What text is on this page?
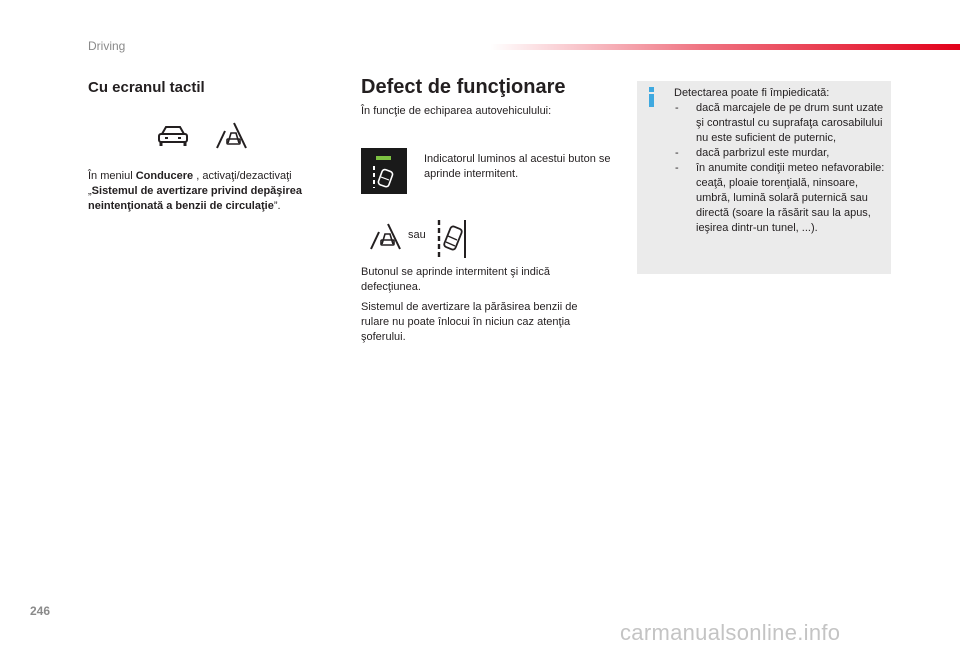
Driving
Cu ecranul tactil
În meniul Conducere , activaţi/dezactivaţi „Sistemul de avertizare privind depăşirea neintenţionată a benzii de circulaţie”.
Defect de funcţionare
În funcţie de echiparea autovehiculului:
Indicatorul luminos al acestui buton se aprinde intermitent.
sau
Butonul se aprinde intermitent şi indică defecţiunea.
Sistemul de avertizare la părăsirea benzii de rulare nu poate înlocui în niciun caz atenţia şoferului.
Detectarea poate fi împiedicată:
- dacă marcajele de pe drum sunt uzate şi contrastul cu suprafaţa carosabilului nu este suficient de puternic,
- dacă parbrizul este murdar,
- în anumite condiţii meteo nefavorabile: ceaţă, ploaie torenţială, ninsoare, umbră, lumină solară puternică sau directă (soare la răsărit sau la apus, ieşirea dintr-un tunel, ...).
246
carmanualsonline.info
